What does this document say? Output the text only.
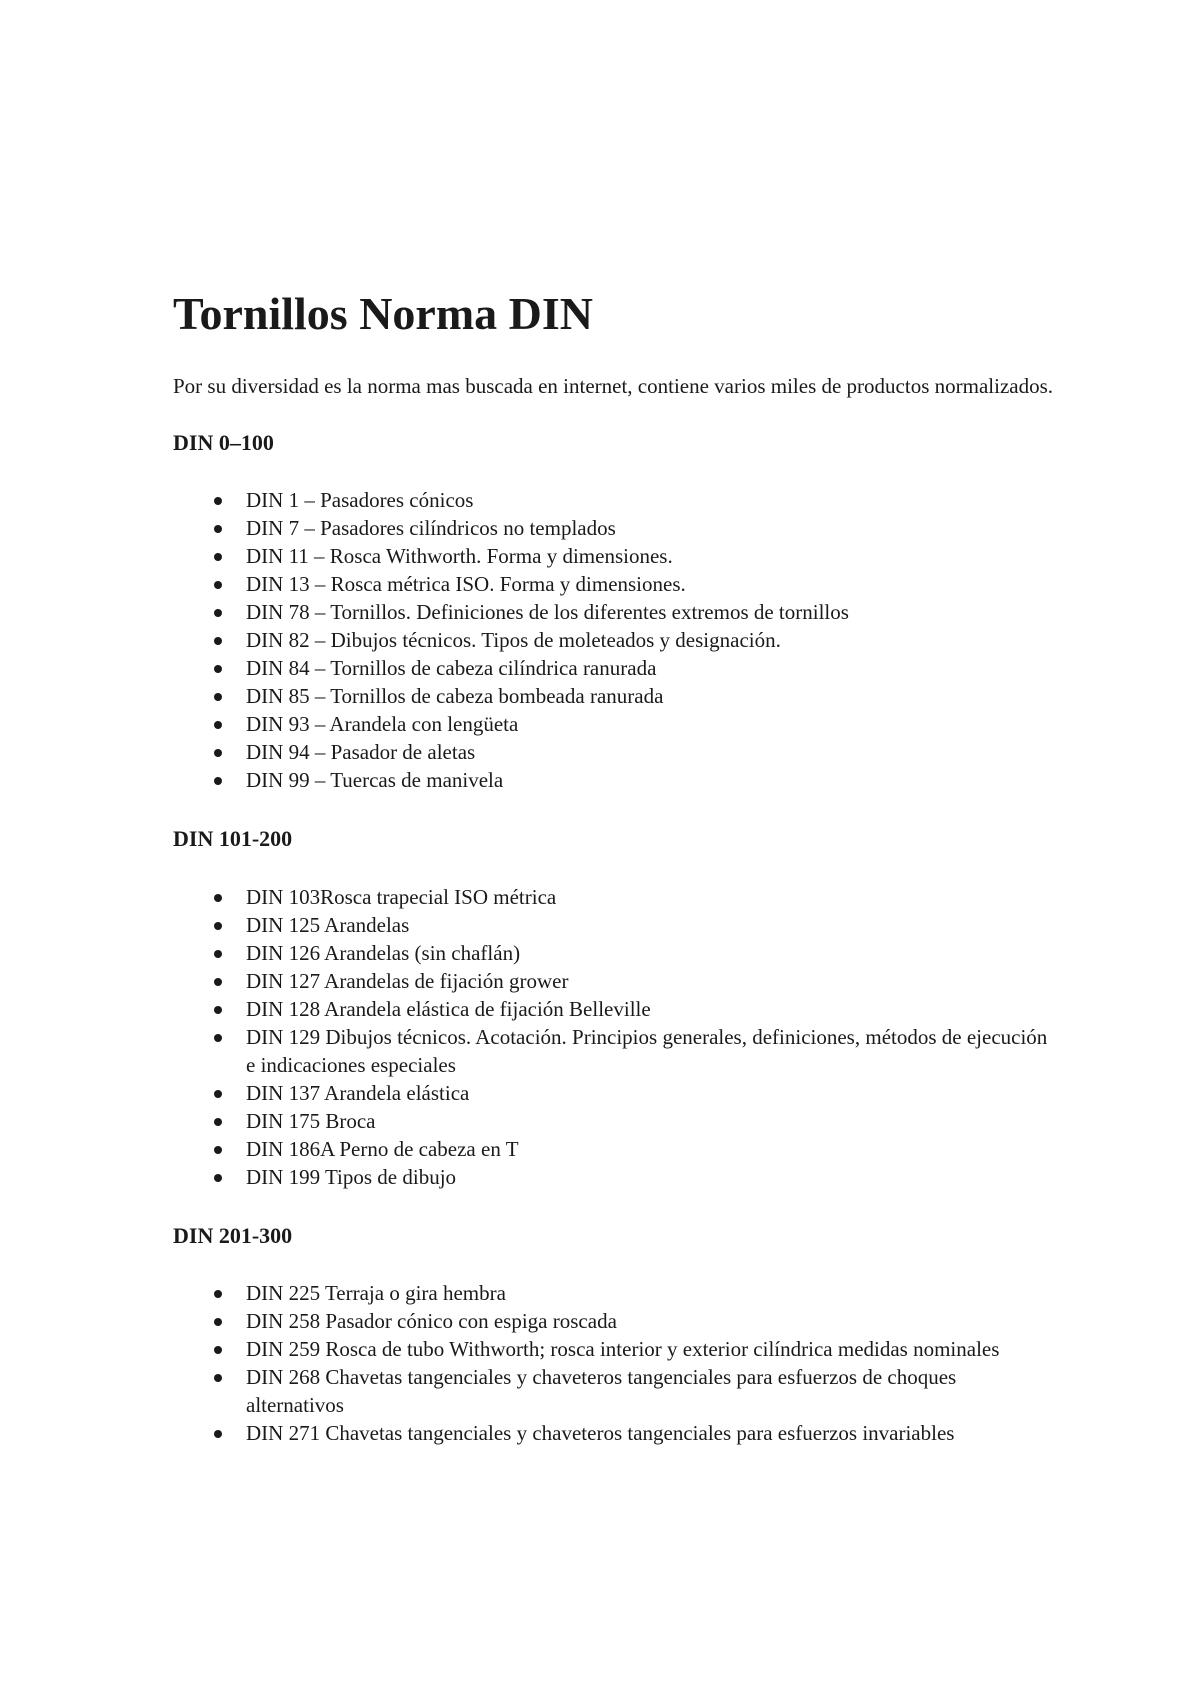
Tornillos Norma DIN

Por su diversidad es la norma mas buscada en internet, contiene varios miles de productos normalizados.

DIN 0–100
DIN 1 – Pasadores cónicos
DIN 7 – Pasadores cilíndricos no templados
DIN 11 – Rosca Withworth. Forma y dimensiones.
DIN 13 – Rosca métrica ISO. Forma y dimensiones.
DIN 78 – Tornillos. Definiciones de los diferentes extremos de tornillos
DIN 82 – Dibujos técnicos. Tipos de moleteados y designación.
DIN 84 – Tornillos de cabeza cilíndrica ranurada
DIN 85 – Tornillos de cabeza bombeada ranurada
DIN 93 – Arandela con lengüeta
DIN 94 – Pasador de aletas
DIN 99 – Tuercas de manivela
DIN 101-200
DIN 103Rosca trapecial ISO métrica
DIN 125 Arandelas
DIN 126 Arandelas (sin chaflán)
DIN 127 Arandelas de fijación grower
DIN 128 Arandela elástica de fijación Belleville
DIN 129 Dibujos técnicos. Acotación. Principios generales, definiciones, métodos de ejecución e indicaciones especiales
DIN 137 Arandela elástica
DIN 175 Broca
DIN 186A Perno de cabeza en T
DIN 199 Tipos de dibujo
DIN 201-300
DIN 225 Terraja o gira hembra
DIN 258 Pasador cónico con espiga roscada
DIN 259 Rosca de tubo Withworth; rosca interior y exterior cilíndrica medidas nominales
DIN 268 Chavetas tangenciales y chaveteros tangenciales para esfuerzos de choques alternativos
DIN 271 Chavetas tangenciales y chaveteros tangenciales para esfuerzos invariables
